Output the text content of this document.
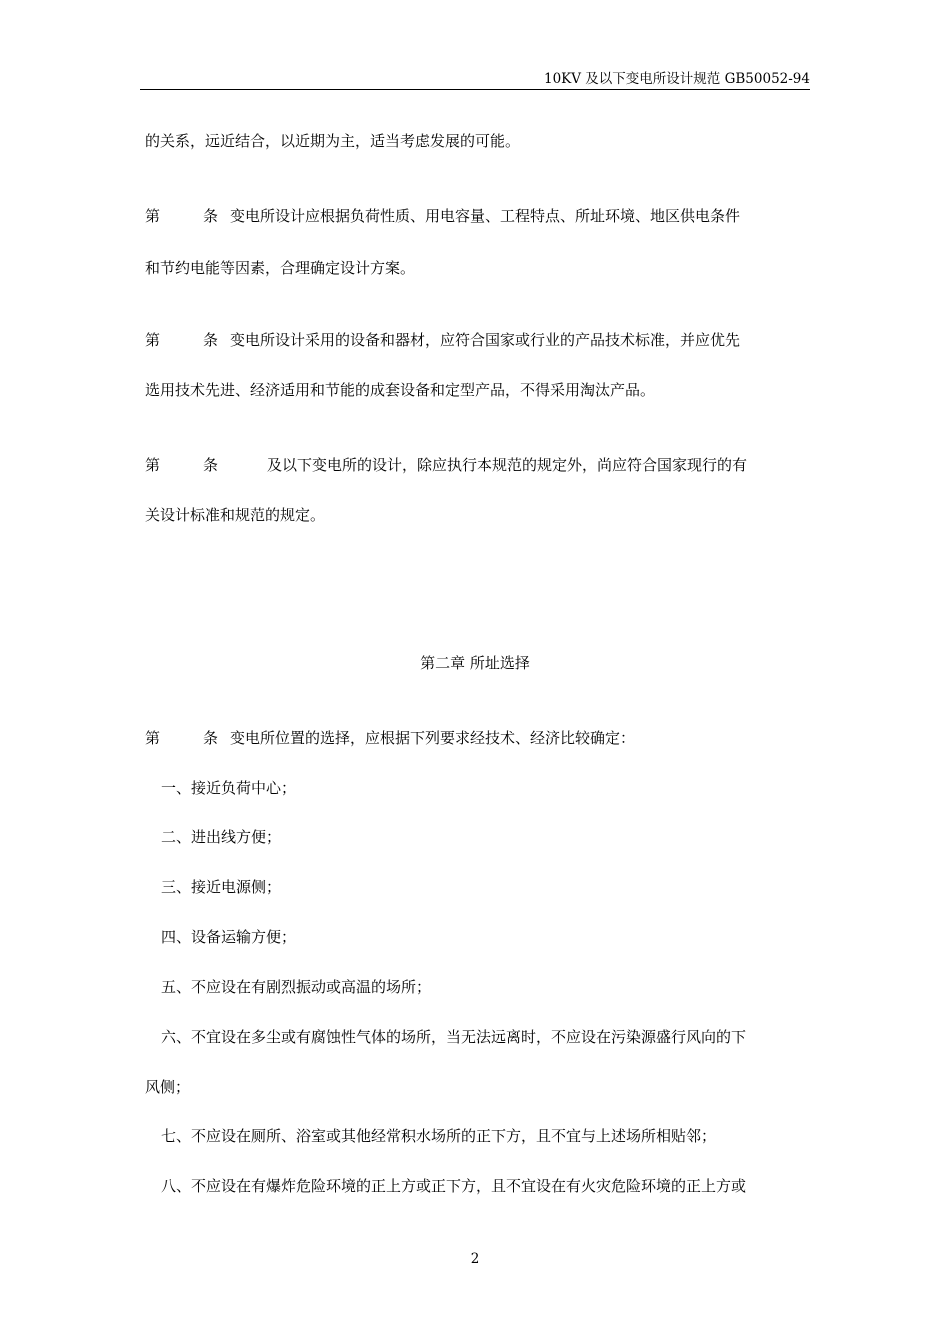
10KV 及以下变电所设计规范 GB50052-94
的关系，远近结合，以近期为主，适当考虑发展的可能。
第	条 变电所设计应根据负荷性质、用电容量、工程特点、所址环境、地区供电条件
和节约电能等因素，合理确定设计方案。
第	条 变电所设计采用的设备和器材，应符合国家或行业的产品技术标准，并应优先
选用技术先进、经济适用和节能的成套设备和定型产品，不得采用淘汰产品。
第	条	及以下变电所的设计，除应执行本规范的规定外，尚应符合国家现行的有
关设计标准和规范的规定。
第二章 所址选择
第	条 变电所位置的选择，应根据下列要求经技术、经济比较确定：
一、接近负荷中心；
二、进出线方便；
三、接近电源侧；
四、设备运输方便；
五、不应设在有剧烈振动或高温的场所；
六、不宜设在多尘或有腐蚀性气体的场所，当无法远离时，不应设在污染源盛行风向的下
风侧；
七、不应设在厕所、浴室或其他经常积水场所的正下方，且不宜与上述场所相贴邻；
八、不应设在有爆炸危险环境的正上方或正下方，且不宜设在有火灾危险环境的正上方或
2
